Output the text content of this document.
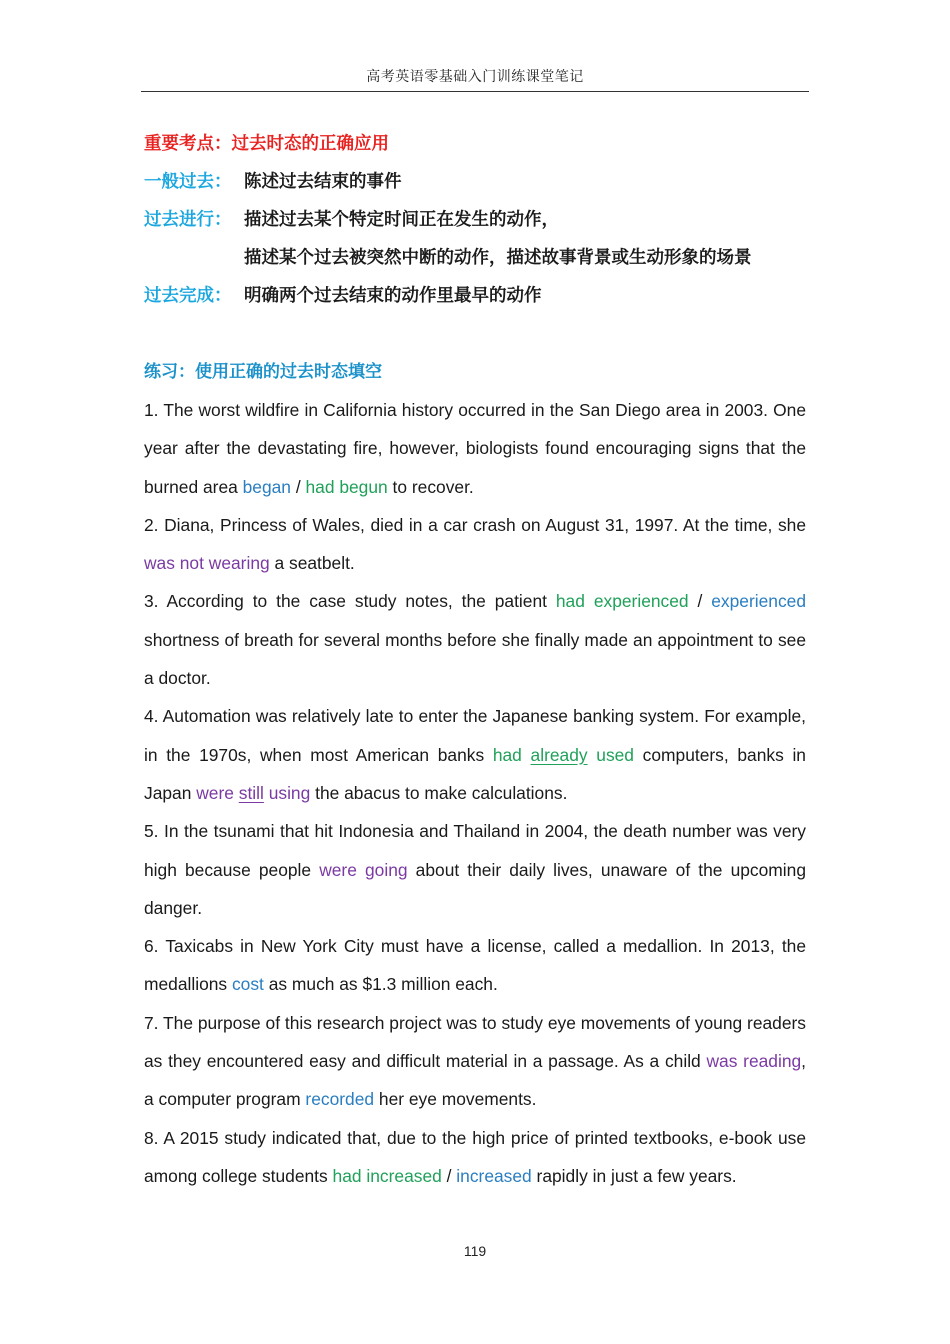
高考英语零基础入门训练课堂笔记
重要考点：过去时态的正确应用
一般过去： 陈述过去结束的事件
过去进行： 描述过去某个特定时间正在发生的动作，
描述某个过去被突然中断的动作，描述故事背景或生动形象的场景
过去完成： 明确两个过去结束的动作里最早的动作
练习：使用正确的过去时态填空
1. The worst wildfire in California history occurred in the San Diego area in 2003. One year after the devastating fire, however, biologists found encouraging signs that the burned area began / had begun to recover.
2. Diana, Princess of Wales, died in a car crash on August 31, 1997. At the time, she was not wearing a seatbelt.
3. According to the case study notes, the patient had experienced / experienced shortness of breath for several months before she finally made an appointment to see a doctor.
4. Automation was relatively late to enter the Japanese banking system. For example, in the 1970s, when most American banks had already used computers, banks in Japan were still using the abacus to make calculations.
5. In the tsunami that hit Indonesia and Thailand in 2004, the death number was very high because people were going about their daily lives, unaware of the upcoming danger.
6. Taxicabs in New York City must have a license, called a medallion. In 2013, the medallions cost as much as $1.3 million each.
7. The purpose of this research project was to study eye movements of young readers as they encountered easy and difficult material in a passage. As a child was reading, a computer program recorded her eye movements.
8. A 2015 study indicated that, due to the high price of printed textbooks, e-book use among college students had increased / increased rapidly in just a few years.
119
